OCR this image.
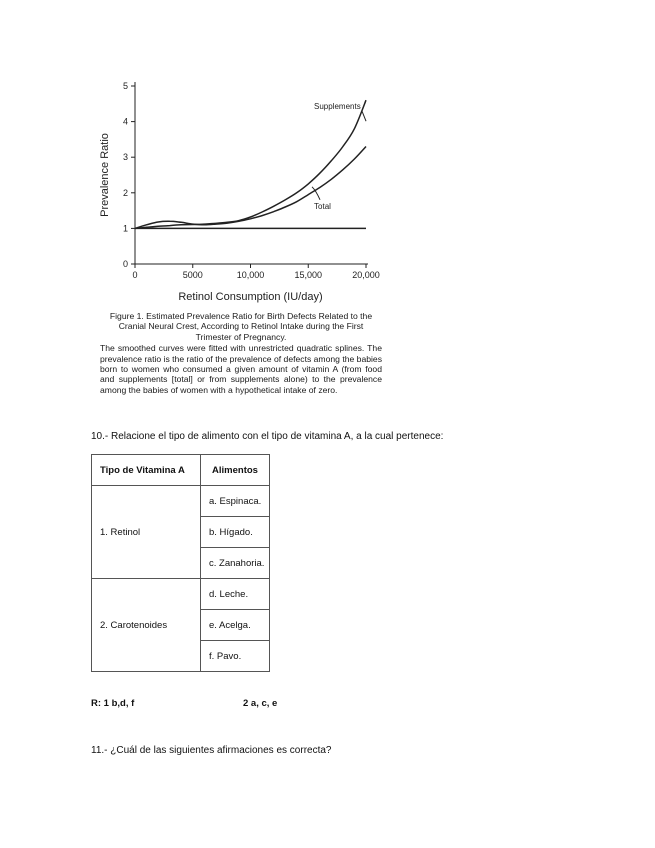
0
1
2
3
4
5
0	5000	10,000	15,000	20,000
Supplements
Total
Retinol Consumption (IU/day)
Prevalence Ratio

Figure 1. Estimated Prevalence Ratio for Birth Defects Related to the Cranial Neural Crest, According to Retinol Intake during the First Trimester of Pregnancy.

The smoothed curves were fitted with unrestricted quadratic splines. The prevalence ratio is the ratio of the prevalence of defects among the babies born to women who consumed a given amount of vitamin A (from food and supplements [total] or from supplements alone) to the prevalence among the babies of women with a hypothetical intake of zero.

10.- Relacione el tipo de alimento con el tipo de vitamina A, a la cual pertenece:
Tipo de Vitamina A	Alimentos
1. Retinol	a. Espinaca.
	b. Hígado.
	c. Zanahoria.
2. Carotenoides	d. Leche.
	e. Acelga.
	f. Pavo.
R: 1 b,d, f	2 a, c, e
11.- ¿Cuál de las siguientes afirmaciones es correcta?
